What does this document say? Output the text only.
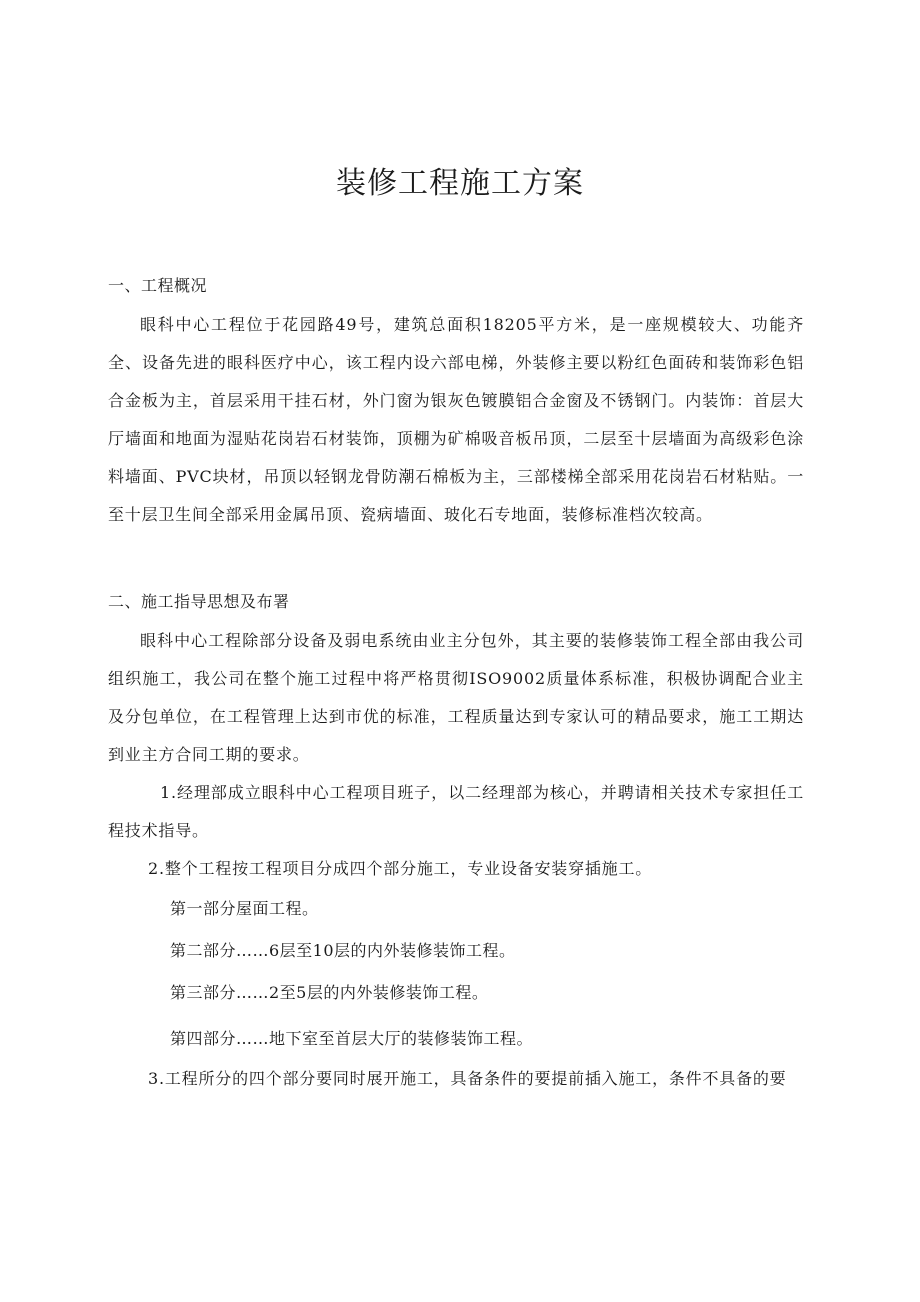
装修工程施工方案
一、工程概况

眼科中心工程位于花园路49号，建筑总面积18205平方米，是一座规模较大、功能齐全、设备先进的眼科医疗中心，该工程内设六部电梯，外装修主要以粉红色面砖和装饰彩色铝合金板为主，首层采用干挂石材，外门窗为银灰色镀膜铝合金窗及不锈钢门。内装饰：首层大厅墙面和地面为湿贴花岗岩石材装饰，顶棚为矿棉吸音板吊顶，二层至十层墙面为高级彩色涂料墙面、PVC块材，吊顶以轻钢龙骨防潮石棉板为主，三部楼梯全部采用花岗岩石材粘贴。一至十层卫生间全部采用金属吊顶、瓷病墙面、玻化石专地面，装修标准档次较高。

二、施工指导思想及布署

眼科中心工程除部分设备及弱电系统由业主分包外，其主要的装修装饰工程全部由我公司组织施工，我公司在整个施工过程中将严格贯彻ISO9002质量体系标准，积极协调配合业主及分包单位，在工程管理上达到市优的标准，工程质量达到专家认可的精品要求，施工工期达到业主方合同工期的要求。

1.经理部成立眼科中心工程项目班子，以二经理部为核心，并聘请相关技术专家担任工程技术指导。

2.整个工程按工程项目分成四个部分施工，专业设备安装穿插施工。

第一部分屋面工程。

第二部分……6层至10层的内外装修装饰工程。

第三部分……2至5层的内外装修装饰工程。

第四部分……地下室至首层大厅的装修装饰工程。

3.工程所分的四个部分要同时展开施工，具备条件的要提前插入施工，条件不具备的要
